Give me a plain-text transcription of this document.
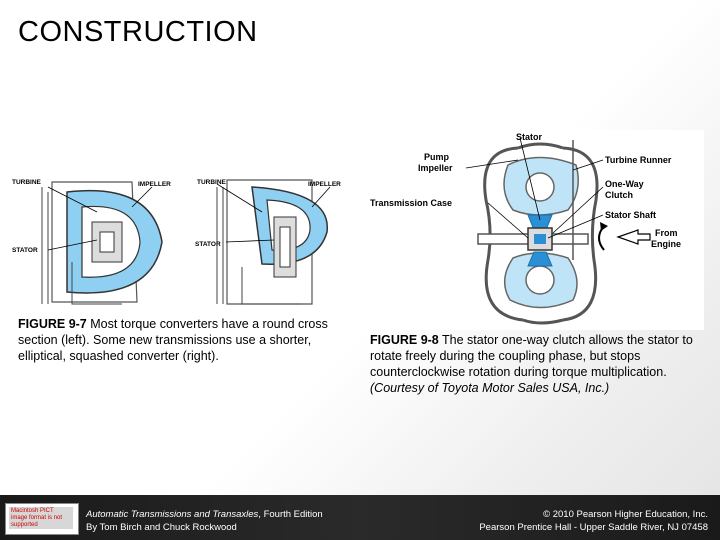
CONSTRUCTION
TURBINE	IMPELLER
STATOR
TURBINE	IMPELLER
STATOR
FIGURE 9-7 Most torque converters have a round cross section (left). Some new transmissions use a shorter, elliptical, squashed converter (right).
Stator
Pump
Impeller
Turbine Runner
One-Way
Clutch
Transmission Case
Stator Shaft
From
Engine
FIGURE 9-8 The stator one-way clutch allows the stator to rotate freely during the coupling phase, but stops counterclockwise rotation during torque multiplication. (Courtesy of Toyota Motor Sales USA, Inc.)
Macintosh PICT image format is not supported
Automatic Transmissions and Transaxles, Fourth Edition
By Tom Birch and Chuck Rockwood
© 2010 Pearson Higher Education, Inc.
Pearson Prentice Hall - Upper Saddle River, NJ 07458
